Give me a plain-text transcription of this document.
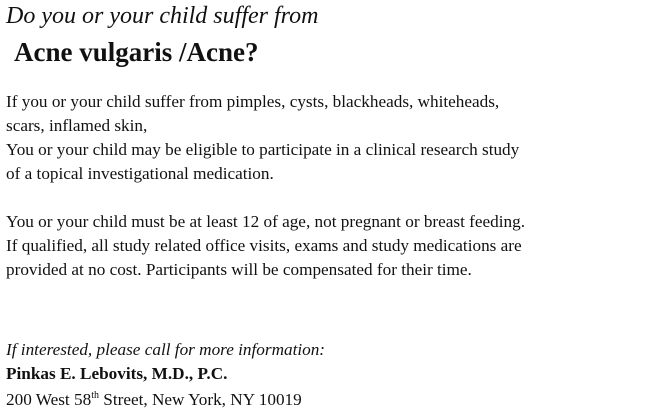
Do you or your child suffer from
Acne vulgaris /Acne?
If you or your child suffer from pimples, cysts, blackheads, whiteheads,
scars, inflamed skin,
You or your child may be eligible to participate in a clinical research study
of a topical investigational medication.
You or your child must be at least 12 of age, not pregnant or breast feeding.
If qualified, all study related office visits, exams and study medications are
provided at no cost. Participants will be compensated for their time.
If interested, please call for more information:
Pinkas E. Lebovits, M.D., P.C.
200 West 58th Street, New York, NY 10019
